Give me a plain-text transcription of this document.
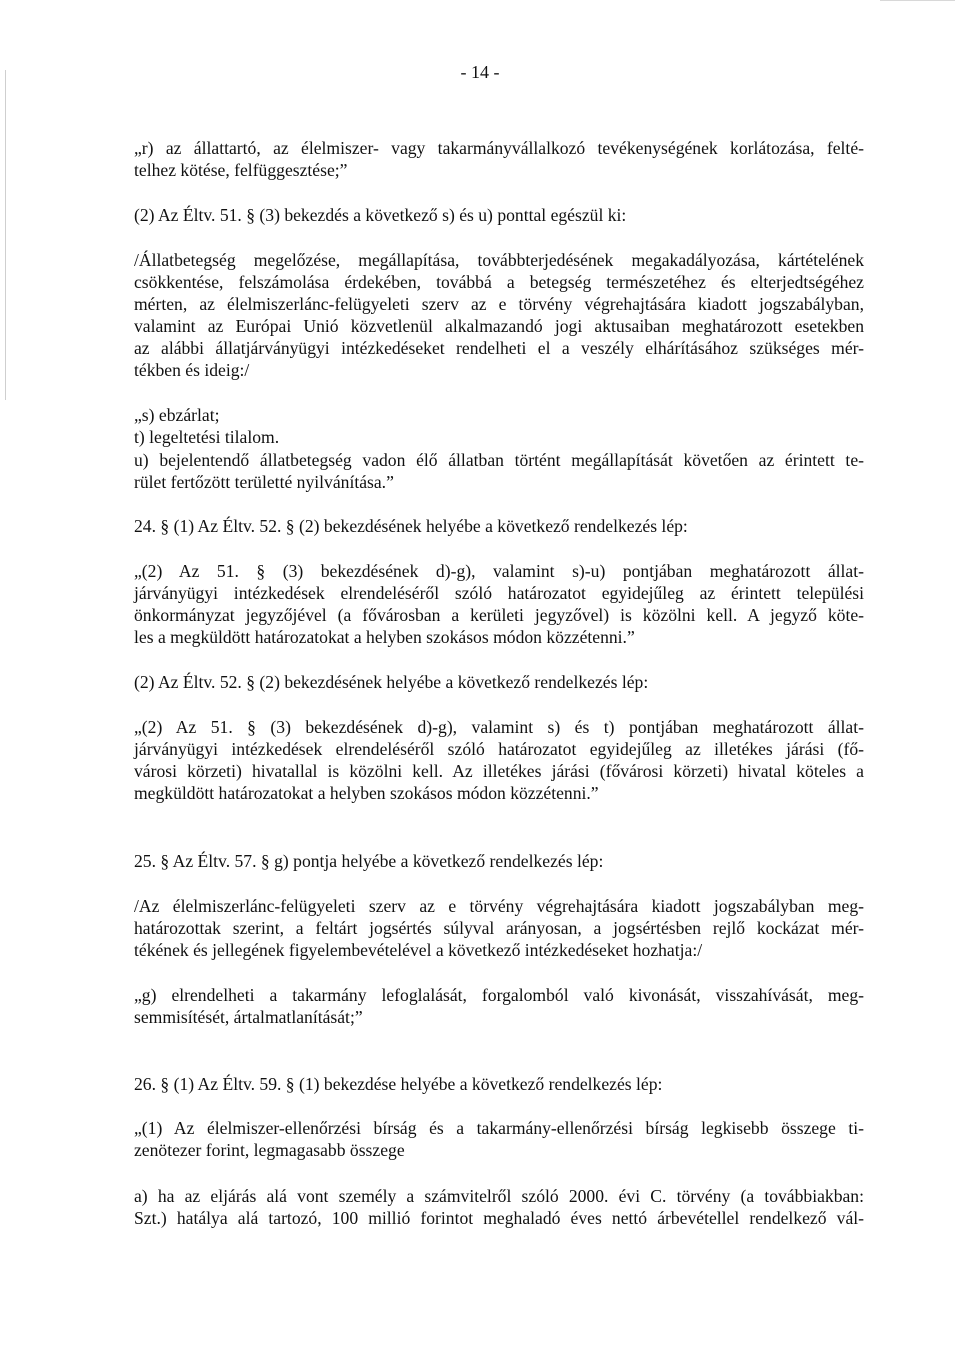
- 14 -

„r) az állattartó, az élelmiszer- vagy takarmányvállalkozó tevékenységének korlátozása, felté-

telhez kötése, felfüggesztése;”

(2) Az Éltv. 51. § (3) bekezdés a következő s) és u) ponttal egészül ki:

/Állatbetegség megelőzése, megállapítása, továbbterjedésének megakadályozása, kártételének

csökkentése, felszámolása érdekében, továbbá a betegség természetéhez és elterjedtségéhez

mérten, az élelmiszerlánc-felügyeleti szerv az e törvény végrehajtására kiadott jogszabályban,

valamint az Európai Unió közvetlenül alkalmazandó jogi aktusaiban meghatározott esetekben

az alábbi állatjárványügyi intézkedéseket rendelheti el a veszély elhárításához szükséges mér-

tékben és ideig:/

„s) ebzárlat;

t) legeltetési tilalom.

u) bejelentendő állatbetegség vadon élő állatban történt megállapítását követően az érintett te-

rület fertőzött területté nyilvánítása.”

24. § (1) Az Éltv. 52. § (2) bekezdésének helyébe a következő rendelkezés lép:

„(2) Az 51. § (3) bekezdésének d)-g), valamint s)-u) pontjában meghatározott állat-

járványügyi intézkedések elrendeléséről szóló határozatot egyidejűleg az érintett települési

önkormányzat jegyzőjével (a fővárosban a kerületi jegyzővel) is közölni kell. A jegyző köte-

les a megküldött határozatokat a helyben szokásos módon közzétenni.”

(2) Az Éltv. 52. § (2) bekezdésének helyébe a következő rendelkezés lép:

„(2) Az 51. § (3) bekezdésének d)-g), valamint s) és t) pontjában meghatározott állat-

járványügyi intézkedések elrendeléséről szóló határozatot egyidejűleg az illetékes járási (fő-

városi körzeti) hivatallal is közölni kell. Az illetékes járási (fővárosi körzeti) hivatal köteles a

megküldött határozatokat a helyben szokásos módon közzétenni.”

25. § Az Éltv. 57. § g) pontja helyébe a következő rendelkezés lép:

/Az élelmiszerlánc-felügyeleti szerv az e törvény végrehajtására kiadott jogszabályban meg-

határozottak szerint, a feltárt jogsértés súlyval arányosan, a jogsértésben rejlő kockázat mér-

tékének és jellegének figyelembevételével a következő intézkedéseket hozhatja:/

„g) elrendelheti a takarmány lefoglalását, forgalomból való kivonását, visszahívását, meg-

semmisítését, ártalmatlanítását;”

26. § (1) Az Éltv. 59. § (1) bekezdése helyébe a következő rendelkezés lép:

„(1) Az élelmiszer-ellenőrzési bírság és a takarmány-ellenőrzési bírság legkisebb összege ti-

zenötezer forint, legmagasabb összege

a) ha az eljárás alá vont személy a számvitelről szóló 2000. évi C. törvény (a továbbiakban:

Szt.) hatálya alá tartozó, 100 millió forintot meghaladó éves nettó árbevétellel rendelkező vál-
